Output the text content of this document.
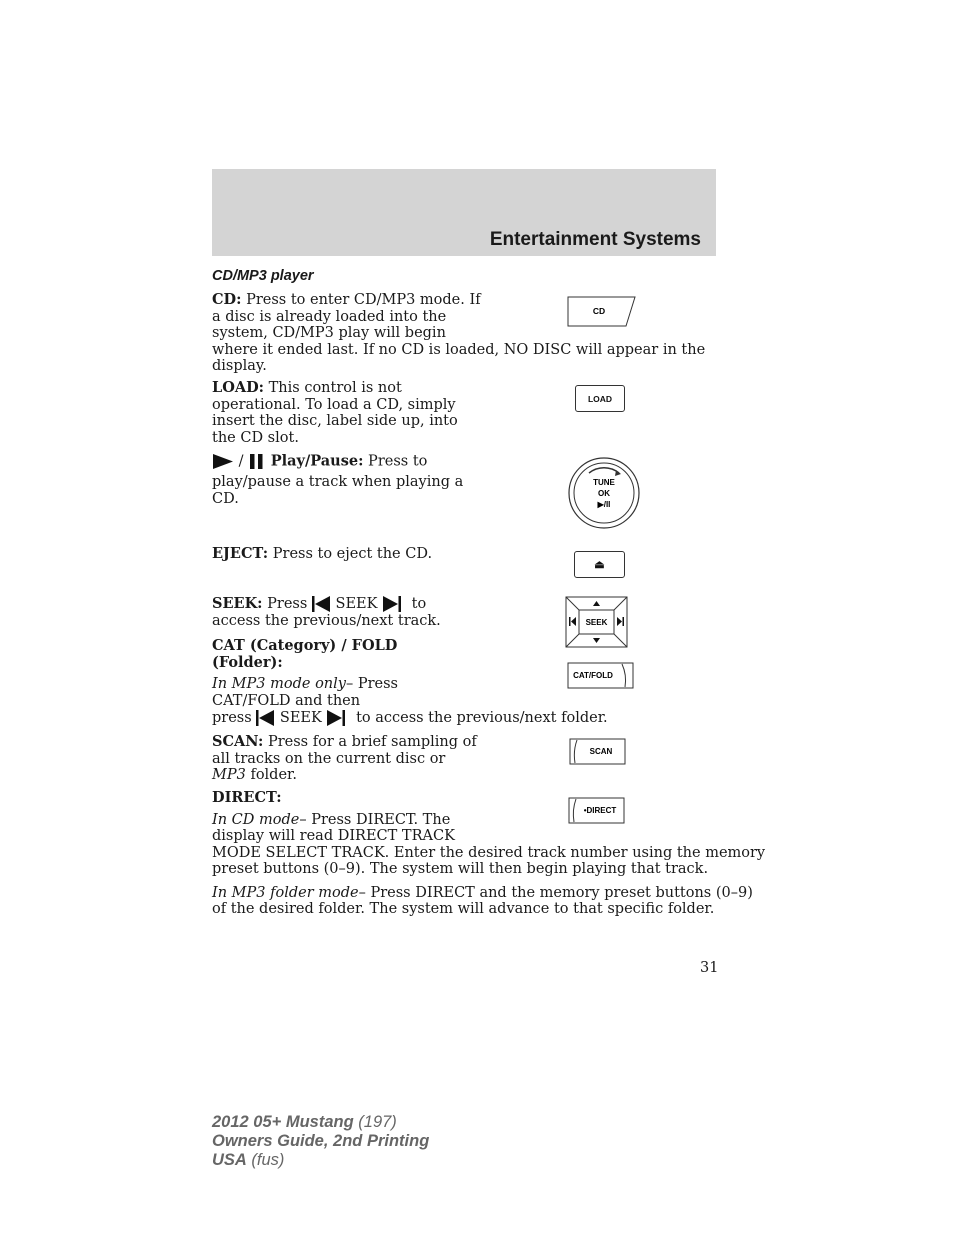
Entertainment Systems
CD/MP3 player

CD: Press to enter CD/MP3 mode. If
a disc is already loaded into the
system, CD/MP3 play will begin
where it ended last. If no CD is loaded, NO DISC will appear in the
display.

CD

LOAD: This control is not
operational. To load a CD, simply
insert the disc, label side up, into
the CD slot.

LOAD

/ Play/Pause: Press to
play/pause a track when playing a
CD.

TUNE
OK
▶/II

EJECT: Press to eject the CD.

⏏

SEEK: Press  SEEK to
access the previous/next track.	SEEK

CAT (Category) / FOLD
(Folder):
In MP3 mode only– Press
CAT/FOLD and then
press  SEEK to access the previous/next folder.

CAT/FOLD

SCAN: Press for a brief sampling of
all tracks on the current disc or
MP3 folder.

SCAN

DIRECT:
In CD mode– Press DIRECT. The
display will read DIRECT TRACK
MODE SELECT TRACK. Enter the desired track number using the memory
preset buttons (0–9). The system will then begin playing that track.
In MP3 folder mode– Press DIRECT and the memory preset buttons (0–9)
of the desired folder. The system will advance to that specific folder.

•DIRECT
31
2012 05+ Mustang (197)
Owners Guide, 2nd Printing
USA (fus)
